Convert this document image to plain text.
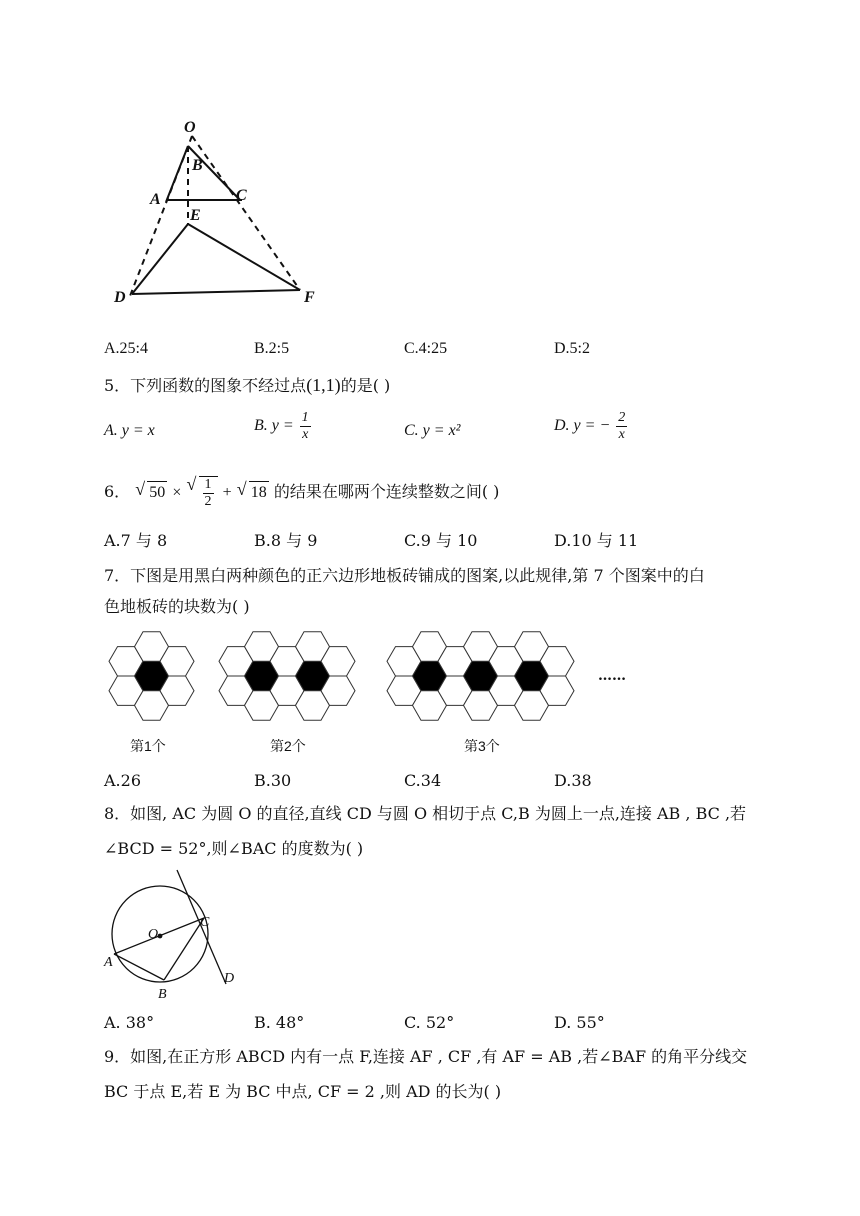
O
B
A	C
E
D	F
A.25:4	B.2:5	C.4:25	D.5:2
5．下列函数的图象不经过点(1,1)的是( )
A. y = x	B. $y = \frac{1}{x}$	C. y = x²	D. y = − $\frac{2}{x}$
6． √ 50 × √ $\frac{1}{2}$ + √ 18 的结果在哪两个连续整数之间( )
A.7 与 8	B.8 与 9	C.9 与 10	D.10 与 11
7．下图是用黑白两种颜色的正六边形地板砖铺成的图案,以此规律,第 7 个图案中的白
色地板砖的块数为( )
……
第1个	第2个	第3个
A.26	B.30	C.34	D.38
8．如图, AC 为圆 O 的直径,直线 CD 与圆 O 相切于点 C,B 为圆上一点,连接 AB , BC ,若
∠BCD = 52°,则∠BAC 的度数为( )
O
C
A
B
D
A. 38°	B. 48°	C. 52°	D. 55°
9．如图,在正方形 ABCD 内有一点 F,连接 AF , CF ,有 AF = AB ,若∠BAF 的角平分线交
BC 于点 E,若 E 为 BC 中点, CF = 2 ,则 AD 的长为( )
